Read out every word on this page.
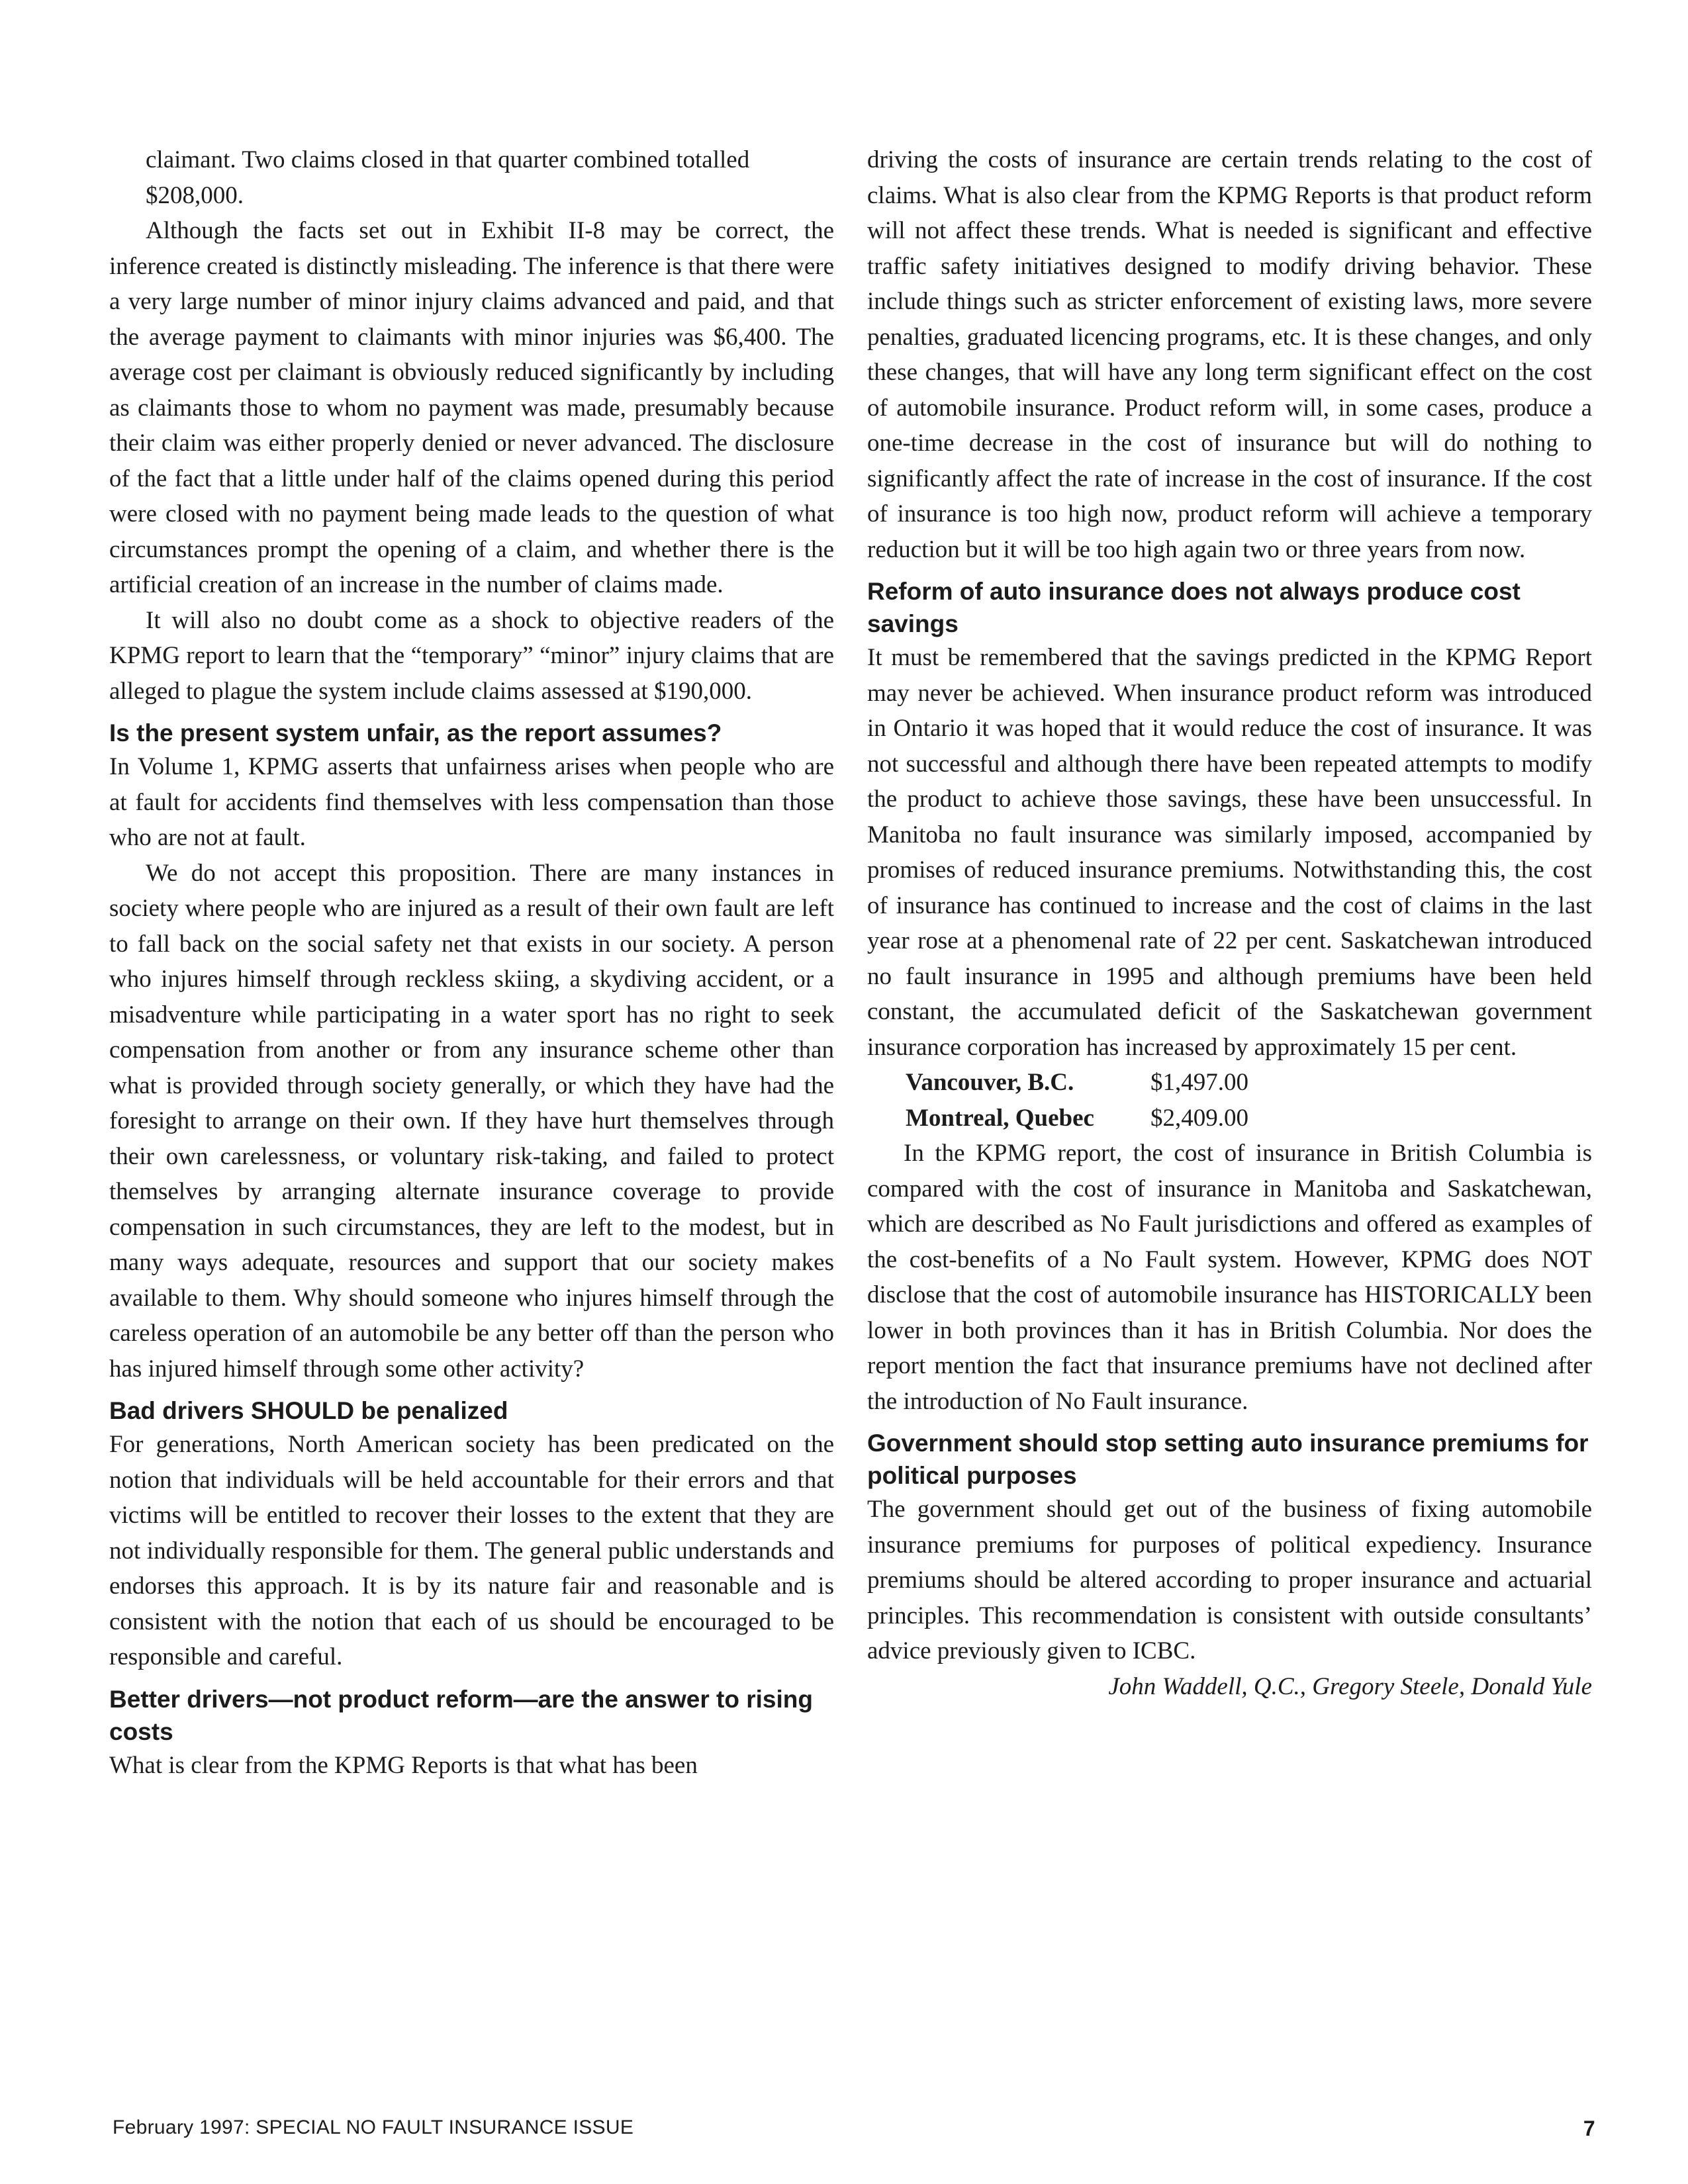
claimant. Two claims closed in that quarter combined totalled $208,000.

Although the facts set out in Exhibit II-8 may be correct, the inference created is distinctly misleading. The inference is that there were a very large number of minor injury claims advanced and paid, and that the average payment to claimants with minor injuries was $6,400. The average cost per claimant is obviously reduced significantly by including as claimants those to whom no payment was made, presumably because their claim was either properly denied or never advanced. The disclosure of the fact that a little under half of the claims opened during this period were closed with no payment being made leads to the question of what circumstances prompt the opening of a claim, and whether there is the artificial creation of an increase in the number of claims made.

It will also no doubt come as a shock to objective readers of the KPMG report to learn that the “temporary” “minor” injury claims that are alleged to plague the system include claims assessed at $190,000.

Is the present system unfair, as the report assumes?

In Volume 1, KPMG asserts that unfairness arises when people who are at fault for accidents find themselves with less compensation than those who are not at fault.

We do not accept this proposition. There are many instances in society where people who are injured as a result of their own fault are left to fall back on the social safety net that exists in our society. A person who injures himself through reckless skiing, a skydiving accident, or a misadventure while participating in a water sport has no right to seek compensation from another or from any insurance scheme other than what is provided through society generally, or which they have had the foresight to arrange on their own. If they have hurt themselves through their own carelessness, or voluntary risk-taking, and failed to protect themselves by arranging alternate insurance coverage to provide compensation in such circumstances, they are left to the modest, but in many ways adequate, resources and support that our society makes available to them. Why should someone who injures himself through the careless operation of an automobile be any better off than the person who has injured himself through some other activity?

Bad drivers SHOULD be penalized

For generations, North American society has been predicated on the notion that individuals will be held accountable for their errors and that victims will be entitled to recover their losses to the extent that they are not individually responsible for them. The general public understands and endorses this approach. It is by its nature fair and reasonable and is consistent with the notion that each of us should be encouraged to be responsible and careful.

Better drivers—not product reform—are the answer to rising costs

What is clear from the KPMG Reports is that what has been

driving the costs of insurance are certain trends relating to the cost of claims. What is also clear from the KPMG Reports is that product reform will not affect these trends. What is needed is significant and effective traffic safety initiatives designed to modify driving behavior. These include things such as stricter enforcement of existing laws, more severe penalties, graduated licencing programs, etc. It is these changes, and only these changes, that will have any long term significant effect on the cost of automobile insurance. Product reform will, in some cases, produce a one-time decrease in the cost of insurance but will do nothing to significantly affect the rate of increase in the cost of insurance. If the cost of insurance is too high now, product reform will achieve a temporary reduction but it will be too high again two or three years from now.

Reform of auto insurance does not always produce cost savings

It must be remembered that the savings predicted in the KPMG Report may never be achieved. When insurance product reform was introduced in Ontario it was hoped that it would reduce the cost of insurance. It was not successful and although there have been repeated attempts to modify the product to achieve those savings, these have been unsuccessful. In Manitoba no fault insurance was similarly imposed, accompanied by promises of reduced insurance premiums. Notwithstanding this, the cost of insurance has continued to increase and the cost of claims in the last year rose at a phenomenal rate of 22 per cent. Saskatchewan introduced no fault insurance in 1995 and although premiums have been held constant, the accumulated deficit of the Saskatchewan government insurance corporation has increased by approximately 15 per cent.

Vancouver, B.C.	$1,497.00
Montreal, Quebec	$2,409.00

In the KPMG report, the cost of insurance in British Columbia is compared with the cost of insurance in Manitoba and Saskatchewan, which are described as No Fault jurisdictions and offered as examples of the cost-benefits of a No Fault system. However, KPMG does NOT disclose that the cost of automobile insurance has HISTORICALLY been lower in both provinces than it has in British Columbia. Nor does the report mention the fact that insurance premiums have not declined after the introduction of No Fault insurance.

Government should stop setting auto insurance premiums for political purposes

The government should get out of the business of fixing automobile insurance premiums for purposes of political expediency. Insurance premiums should be altered according to proper insurance and actuarial principles. This recommendation is consistent with outside consultants’ advice previously given to ICBC.

John Waddell, Q.C., Gregory Steele, Donald Yule

February 1997: SPECIAL NO FAULT INSURANCE ISSUE	7
